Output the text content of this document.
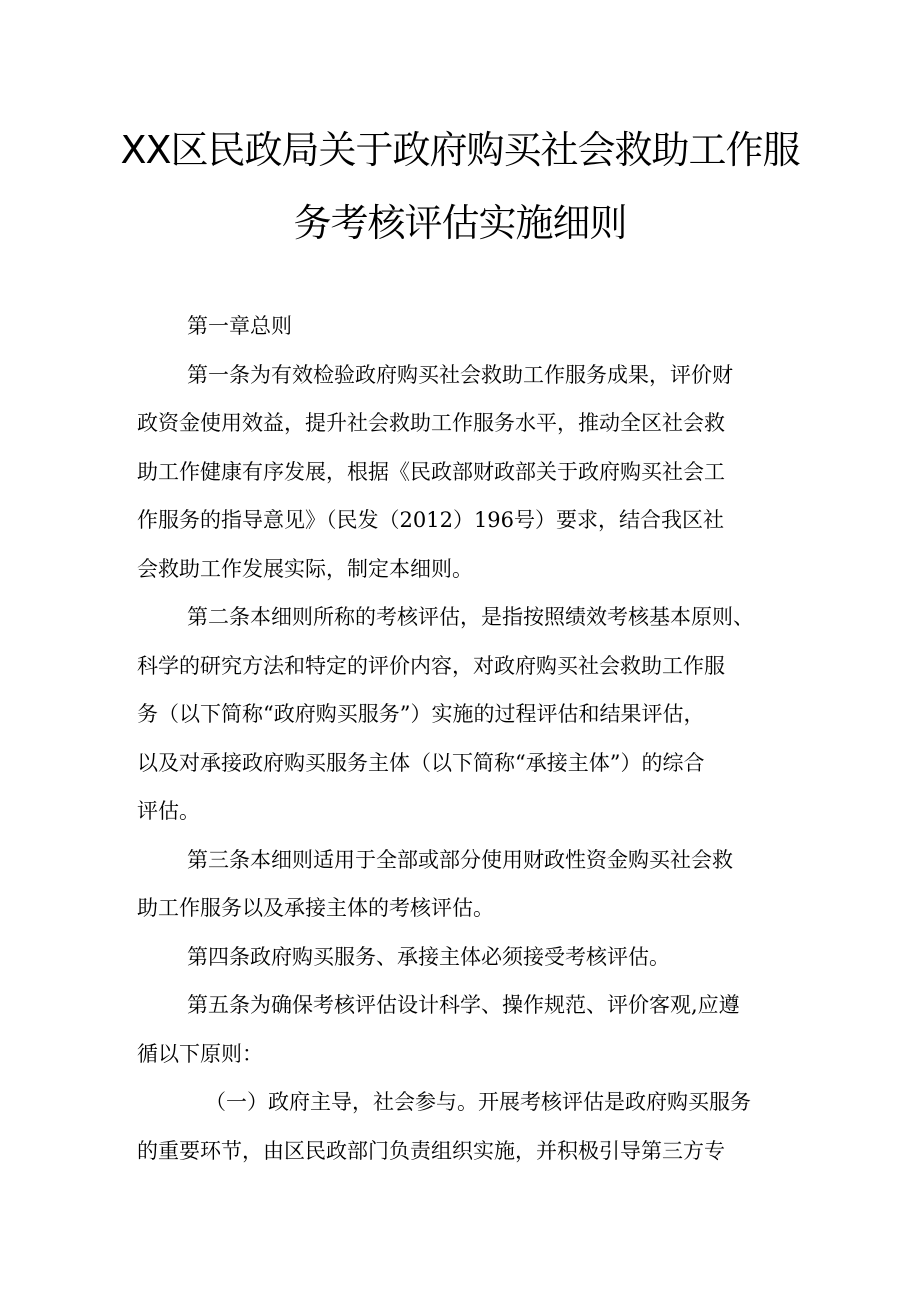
XX区民政局关于政府购买社会救助工作服
务考核评估实施细则
第一章总则
第一条为有效检验政府购买社会救助工作服务成果，评价财
政资金使用效益，提升社会救助工作服务水平，推动全区社会救
助工作健康有序发展，根据《民政部财政部关于政府购买社会工
作服务的指导意见》（民发（2012）196号）要求，结合我区社
会救助工作发展实际，制定本细则。
第二条本细则所称的考核评估，是指按照绩效考核基本原则、
科学的研究方法和特定的评价内容，对政府购买社会救助工作服
务（以下简称“政府购买服务”）实施的过程评估和结果评估，
以及对承接政府购买服务主体（以下简称“承接主体”）的综合
评估。
第三条本细则适用于全部或部分使用财政性资金购买社会救
助工作服务以及承接主体的考核评估。
第四条政府购买服务、承接主体必须接受考核评估。
第五条为确保考核评估设计科学、操作规范、评价客观,应遵
循以下原则：
（一）政府主导，社会参与。开展考核评估是政府购买服务
的重要环节，由区民政部门负责组织实施，并积极引导第三方专
